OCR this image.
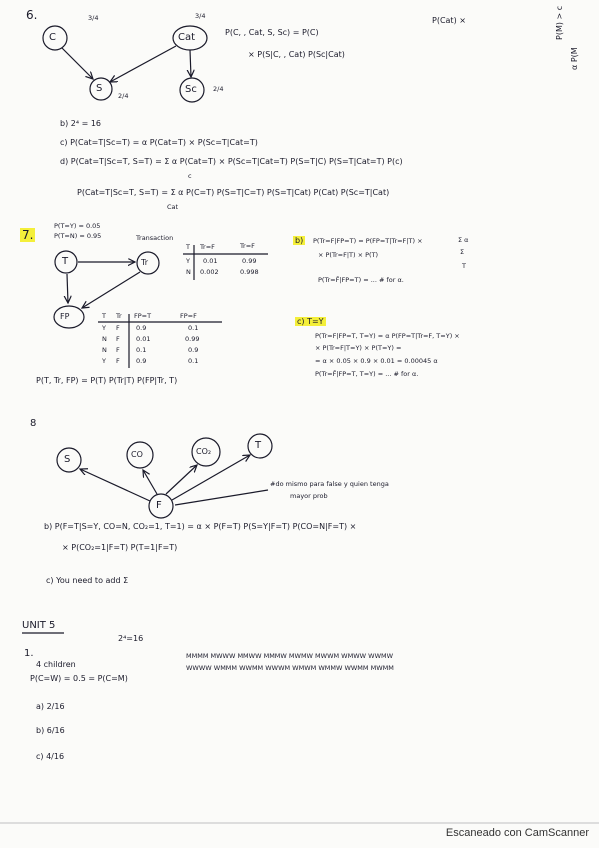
6.
C	Cat
S	Sc
3/4	3/4
2/4
2/4
P(C, , Cat, S, Sc) = P(C)
P(Cat) ×
× P(S|C, , Cat) P(Sc|Cat)
b) 2⁴ = 16
c) P(Cat=T|Sc=T) = α P(Cat=T) × P(Sc=T|Cat=T)
d) P(Cat=T|Sc=T, S=T) = Σ α P(Cat=T) × P(Sc=T|Cat=T) P(S=T|C) P(S=T|Cat=T) P(c)
c
P(Cat=T|Sc=T, S=T) = Σ α P(C=T) P(S=T|C=T) P(S=T|Cat) P(Cat) P(Sc=T|Cat)
Cat
P(M) > c
α P(M
7.
P(T=Y) = 0.05
P(T=N) = 0.95	Transaction
T	Tr
FP
T Tr=F	Tr=F
Y 0.01	0.99
N 0.002	0.998
T Tr FP=T	FP=F
Y F	0.9	0.1
N F	0.01	0.99
N F	0.1	0.9
Y F	0.9	0.1
P(T, Tr, FP) = P(T) P(Tr|T) P(FP|Tr, T)
b)	P(Tr=F|FP=T) = P(FP=T|Tr=F|T) ×	Σ α
× P(Tr=F|T) × P(T)	Σ
T
P(Tr=F̄|FP=T) = ... # for α.
c) T=Y
P(Tr=F|FP=T, T=Y) = α P(FP=T|Tr=F, T=Y) ×
× P(Tr=F|T=Y) × P(T=Y) =
= α × 0.05 × 0.9 × 0.01 = 0.00045 α
P(Tr=F̄|FP=T, T=Y) = ... # for α.
8
S	CO	CO₂
T
F
#do mismo para false y quien tenga
mayor prob
b) P(F=T|S=Y, CO=N, CO₂=1, T=1) = α × P(F=T) P(S=Y|F=T) P(CO=N|F=T) ×
× P(CO₂=1|F=T) P(T=1|F=T)
c) You need to add Σ
UNIT 5
2⁴=16
1.
4 children
P(C=W) = 0.5 = P(C=M)
MMMM MWWW MMWW MMMW MWMW MWWM WMWW WWMW
WWWW WMMM WWMM WWWM WMWM WMMW WWMM MWMM
a) 2/16
b) 6/16
c) 4/16
Escaneado con CamScanner
